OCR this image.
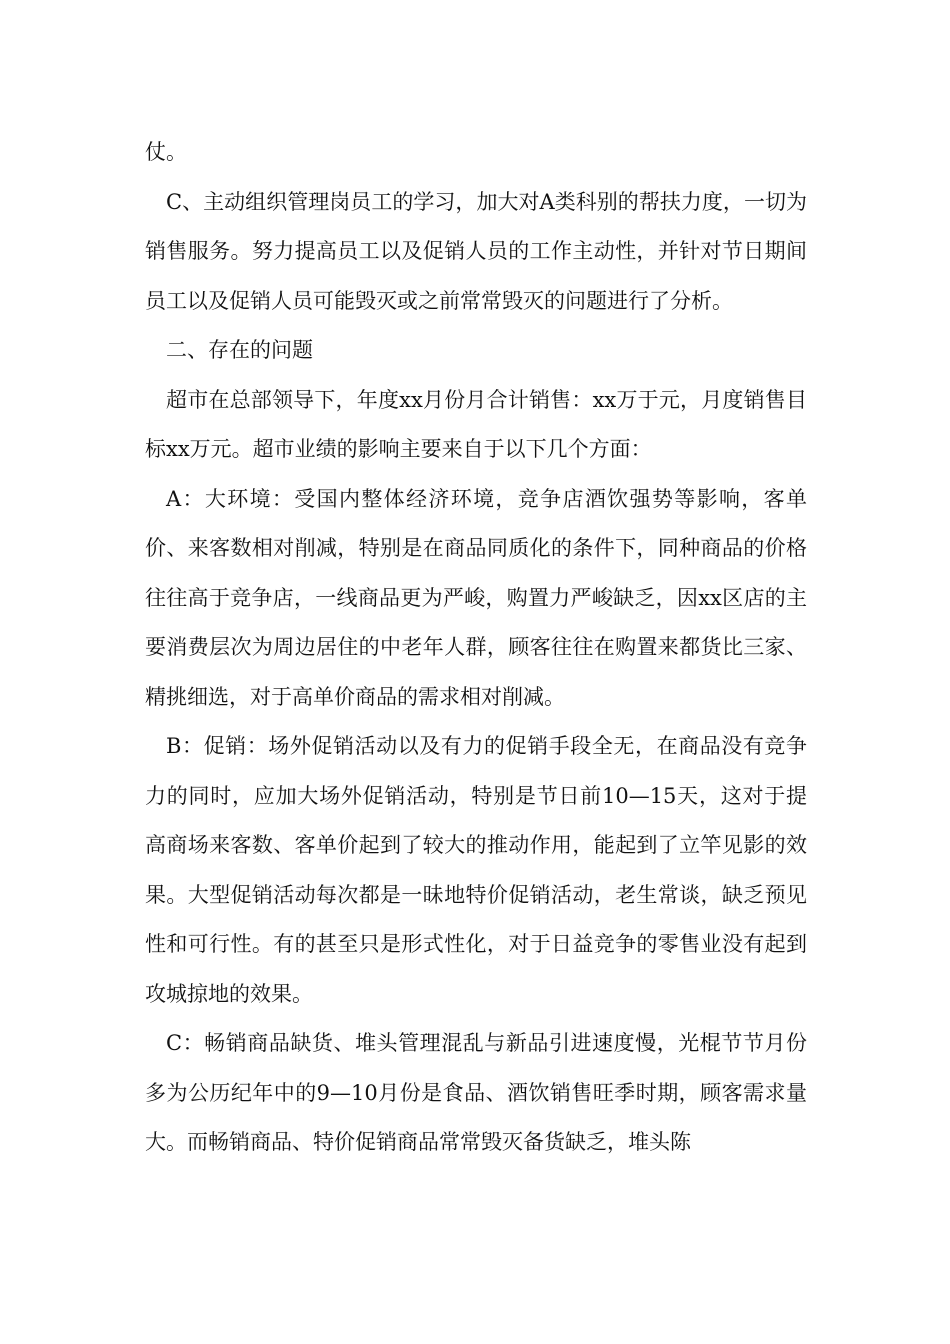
仗。

C、主动组织管理岗员工的学习，加大对A类科别的帮扶力度，一切为销售服务。努力提高员工以及促销人员的工作主动性，并针对节日期间员工以及促销人员可能毁灭或之前常常毁灭的问题进行了分析。

二、存在的问题

超市在总部领导下，年度xx月份月合计销售：xx万于元，月度销售目标xx万元。超市业绩的影响主要来自于以下几个方面：

A：大环境：受国内整体经济环境，竞争店酒饮强势等影响，客单价、来客数相对削减，特别是在商品同质化的条件下，同种商品的价格往往高于竞争店，一线商品更为严峻，购置力严峻缺乏，因xx区店的主要消费层次为周边居住的中老年人群，顾客往往在购置来都货比三家、精挑细选，对于高单价商品的需求相对削减。

B：促销：场外促销活动以及有力的促销手段全无，在商品没有竞争力的同时，应加大场外促销活动，特别是节日前10—15天，这对于提高商场来客数、客单价起到了较大的推动作用，能起到了立竿见影的效果。大型促销活动每次都是一昧地特价促销活动，老生常谈，缺乏预见性和可行性。有的甚至只是形式性化，对于日益竞争的零售业没有起到攻城掠地的效果。

C：畅销商品缺货、堆头管理混乱与新品引进速度慢，光棍节节月份多为公历纪年中的9—10月份是食品、酒饮销售旺季时期，顾客需求量大。而畅销商品、特价促销商品常常毁灭备货缺乏，堆头陈
